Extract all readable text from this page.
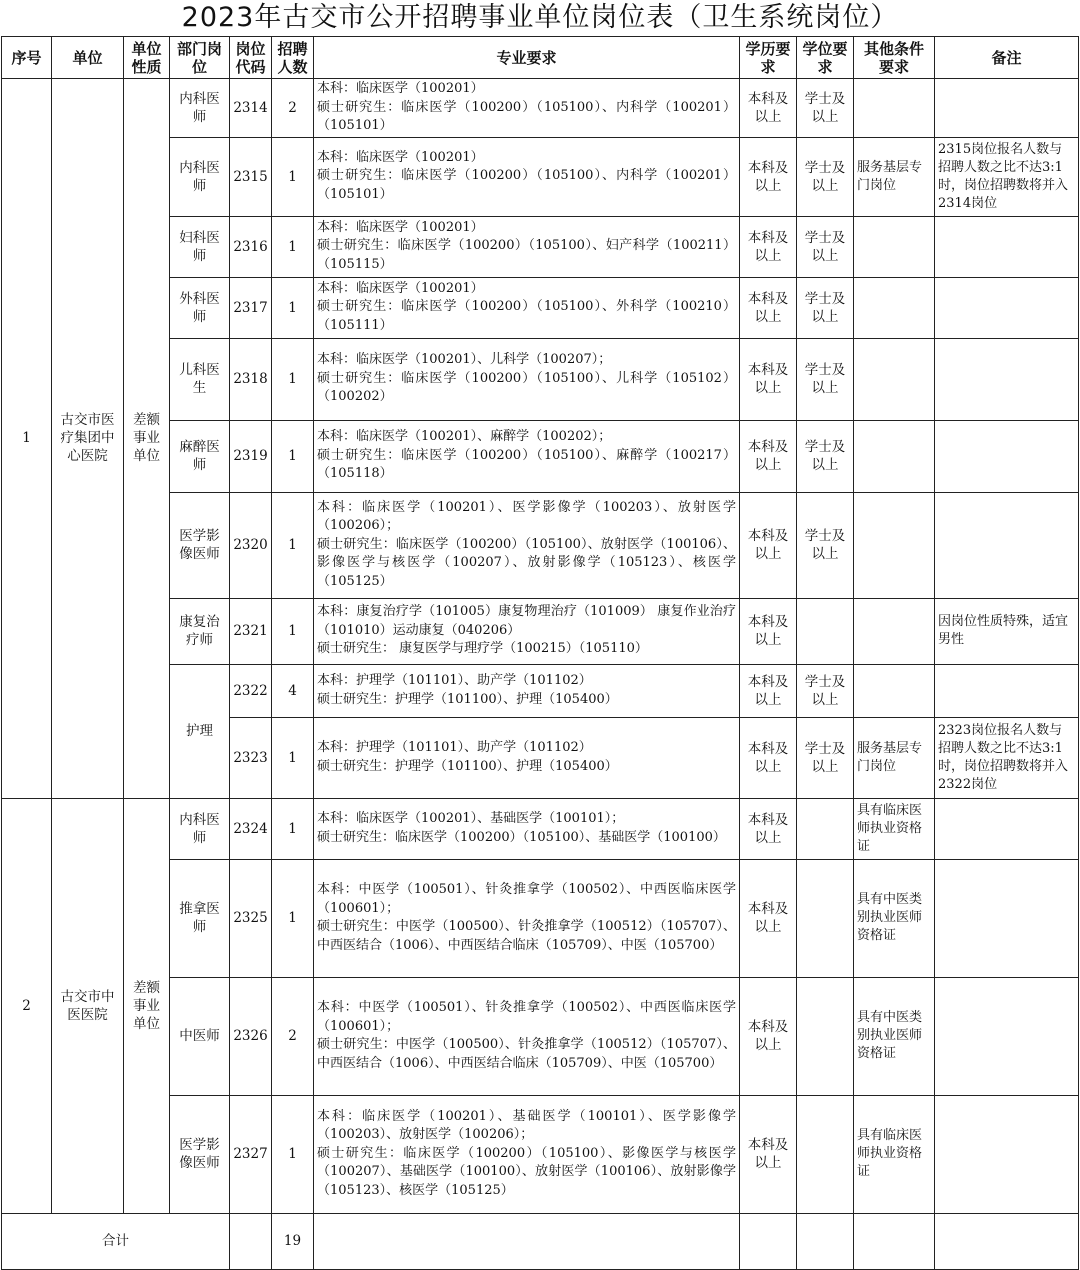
2023年古交市公开招聘事业单位岗位表（卫生系统岗位）
序号	单位	单位性质	部门岗位	岗位代码	招聘人数	专业要求	学历要求	学位要求	其他条件要求	备注
1	古交市医疗集团中心医院	差额事业单位	内科医师	2314	2	本科：临床医学（100201）
硕士研究生：临床医学（100200）（105100）、内科学（100201）（105101）	本科及以上	学士及以上		
			内科医师	2315	1	本科：临床医学（100201）
硕士研究生：临床医学（100200）（105100）、内科学（100201）（105101）	本科及以上	学士及以上	服务基层专门岗位	2315岗位报名人数与招聘人数之比不达3:1时，岗位招聘数将并入2314岗位
			妇科医师	2316	1	本科：临床医学（100201）
硕士研究生：临床医学（100200）（105100）、妇产科学（100211）（105115）	本科及以上	学士及以上		
			外科医师	2317	1	本科：临床医学（100201）
硕士研究生：临床医学（100200）（105100）、外科学（100210）（105111）	本科及以上	学士及以上		
			儿科医生	2318	1	本科：临床医学（100201）、儿科学（100207）；
硕士研究生：临床医学（100200）（105100）、儿科学（105102）（100202）	本科及以上	学士及以上		
			麻醉医师	2319	1	本科：临床医学（100201）、麻醉学（100202）；
硕士研究生：临床医学（100200）（105100）、麻醉学（100217）（105118）	本科及以上	学士及以上		
			医学影像医师	2320	1	本科：临床医学（100201）、医学影像学（100203）、放射医学（100206）；
硕士研究生：临床医学（100200）（105100）、放射医学（100106）、影像医学与核医学（100207）、放射影像学（105123）、核医学（105125）	本科及以上	学士及以上		
			康复治疗师	2321	1	本科：康复治疗学（101005）康复物理治疗（101009） 康复作业治疗（101010）运动康复（040206）
硕士研究生： 康复医学与理疗学（100215）（105110）	本科及以上			因岗位性质特殊，适宜男性
			护理	2322	4	本科：护理学（101101）、助产学（101102）
硕士研究生：护理学（101100）、护理（105400）	本科及以上	学士及以上		
				2323	1	本科：护理学（101101）、助产学（101102）
硕士研究生：护理学（101100）、护理（105400）	本科及以上	学士及以上	服务基层专门岗位	2323岗位报名人数与招聘人数之比不达3:1时，岗位招聘数将并入2322岗位
2	古交市中医医院	差额事业单位	内科医师	2324	1	本科：临床医学（100201）、基础医学（100101）；
硕士研究生：临床医学（100200）（105100）、基础医学（100100）	本科及以上		具有临床医师执业资格证	
			推拿医师	2325	1	本科：中医学（100501）、针灸推拿学（100502）、中西医临床医学（100601）；
硕士研究生：中医学（100500）、针灸推拿学（100512）（105707）、中西医结合（1006）、中西医结合临床（105709）、中医（105700）	本科及以上		具有中医类别执业医师资格证	
			中医师	2326	2	本科：中医学（100501）、针灸推拿学（100502）、中西医临床医学（100601）；
硕士研究生：中医学（100500）、针灸推拿学（100512）（105707）、中西医结合（1006）、中西医结合临床（105709）、中医（105700）	本科及以上		具有中医类别执业医师资格证	
			医学影像医师	2327	1	本科：临床医学（100201）、基础医学（100101）、医学影像学（100203）、放射医学（100206）；
硕士研究生：临床医学（100200）（105100）、影像医学与核医学（100207）、基础医学（100100）、放射医学（100106）、放射影像学（105123）、核医学（105125）	本科及以上		具有临床医师执业资格证	
合计					19					
